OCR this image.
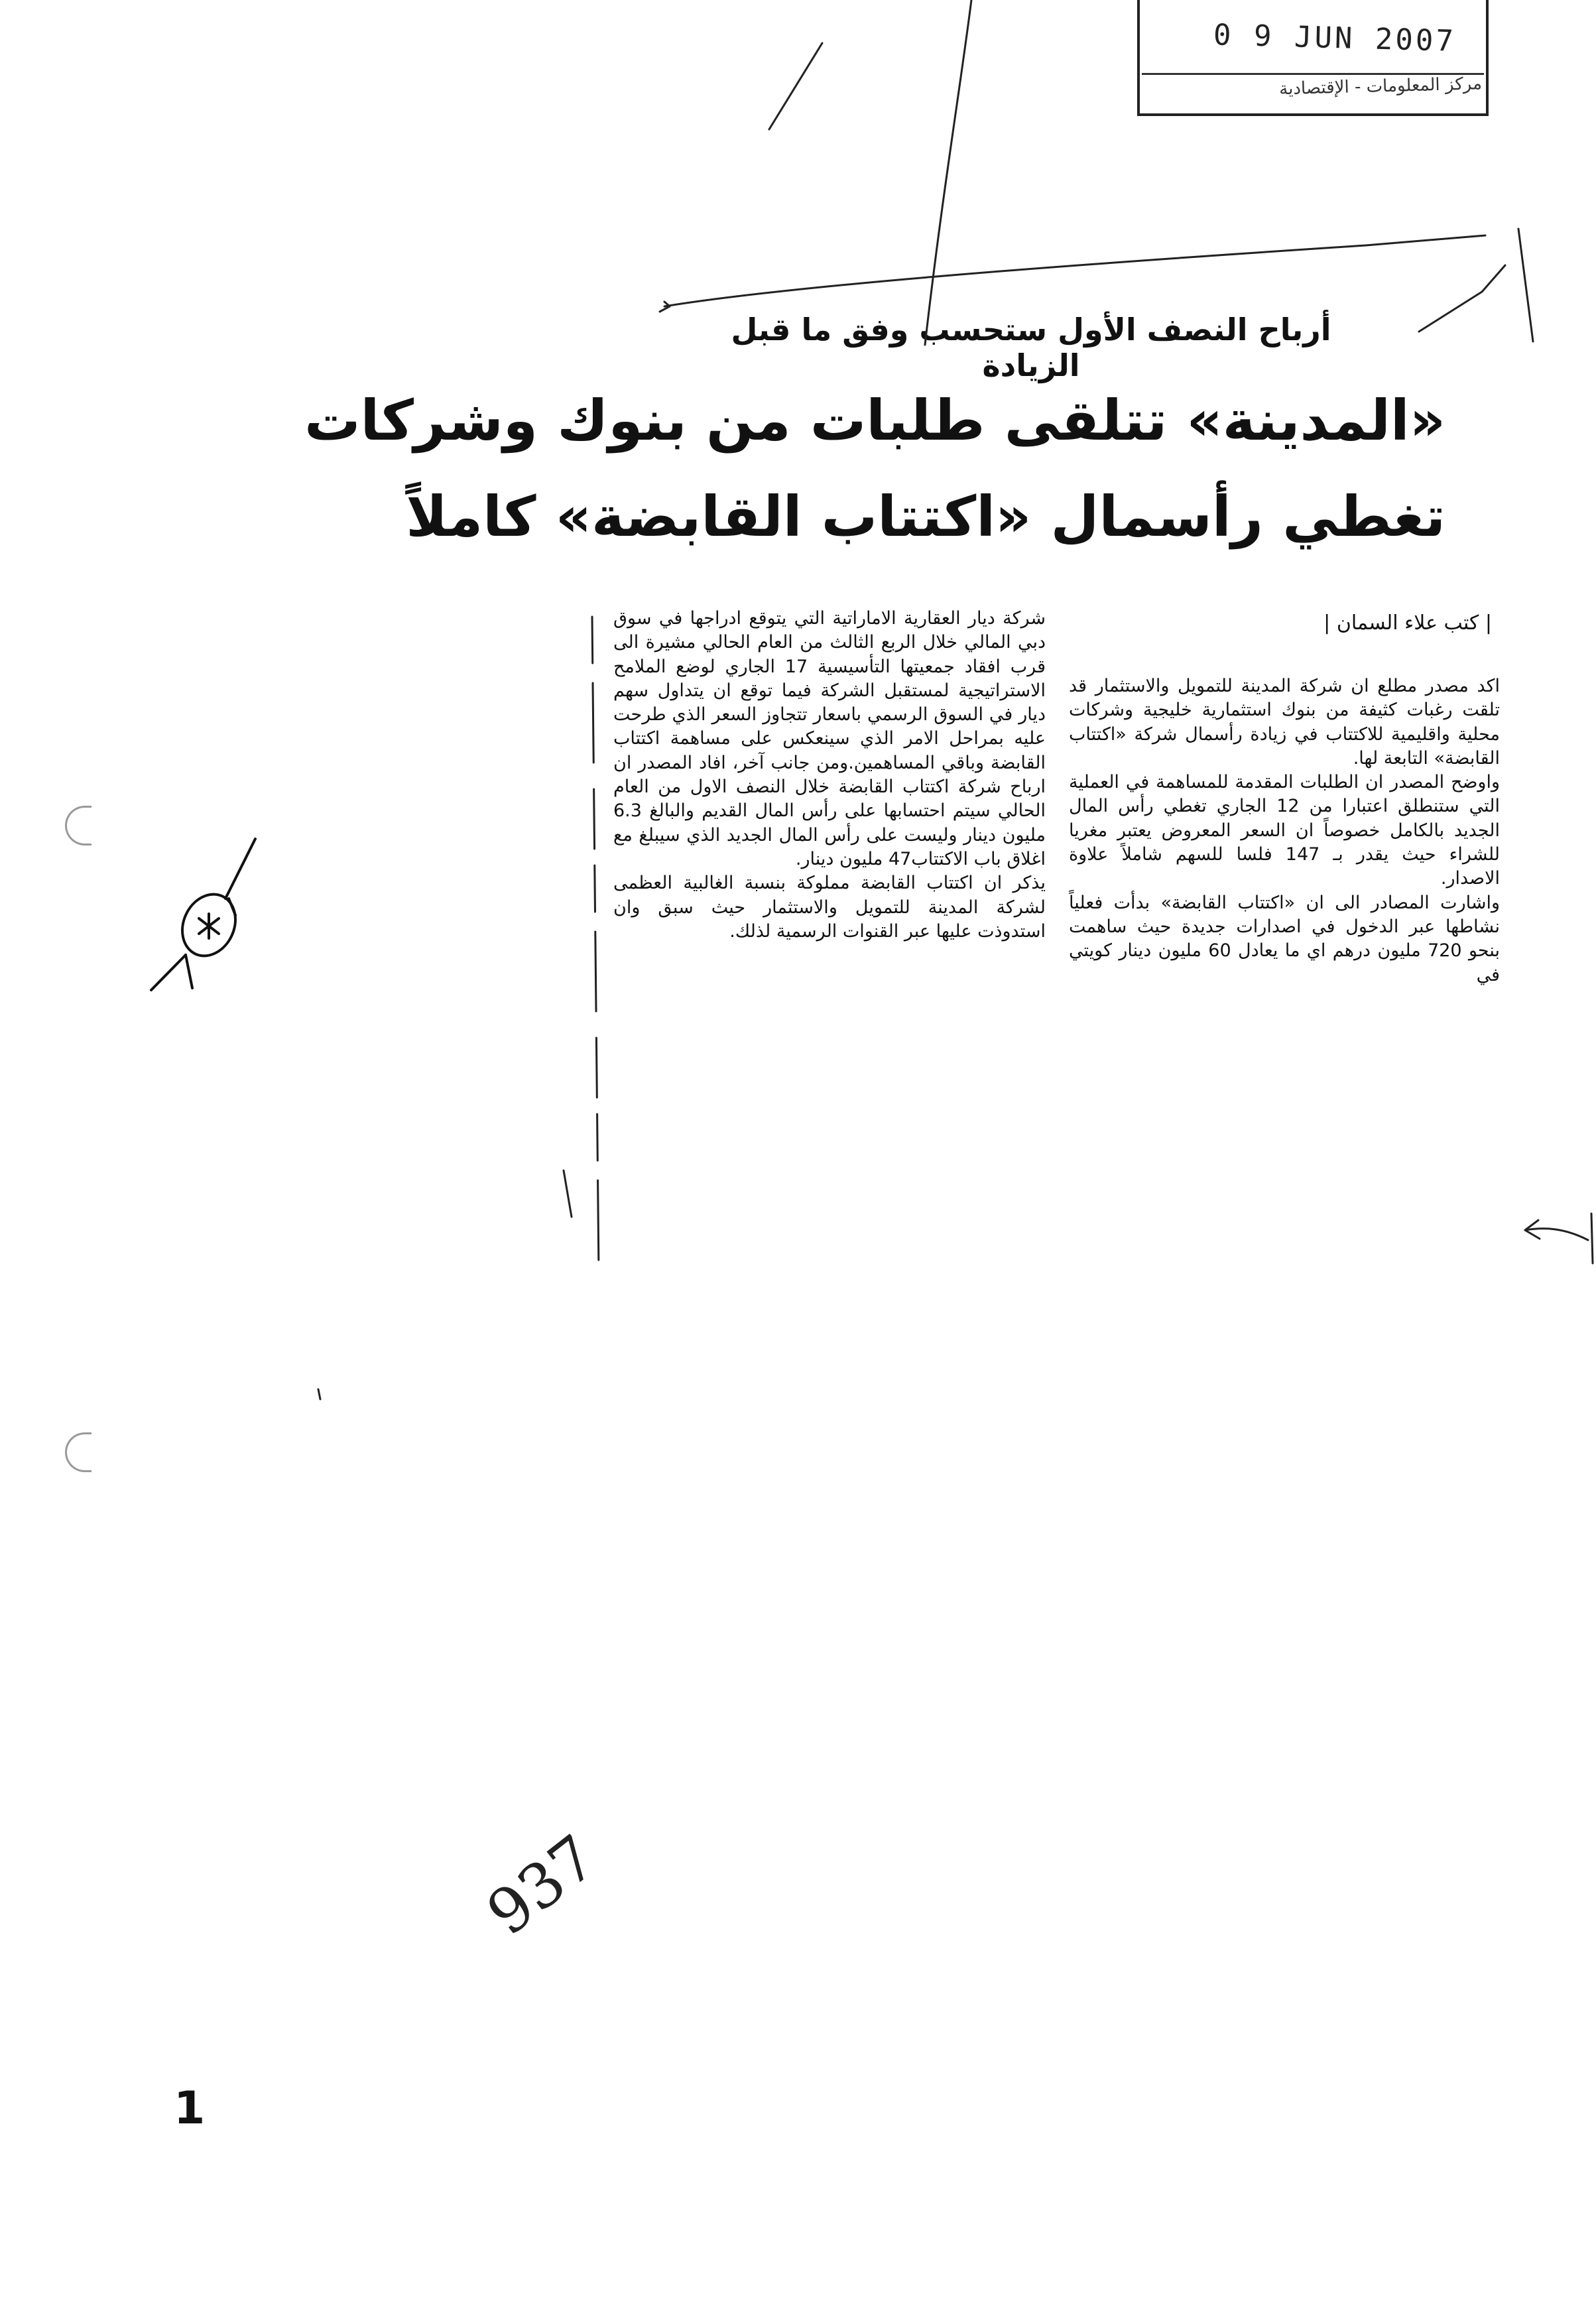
0 9 JUN 2007
مركز المعلومات - الإقتصادية
أرباح النصف الأول ستحسب وفق ما قبل الزيادة
«المدينة» تتلقى طلبات من بنوك وشركات
تغطي رأسمال «اكتتاب القابضة» كاملاً
| كتب علاء السمان |

اكد مصدر مطلع ان شركة المدينة للتمويل والاستثمار قد تلقت رغبات كثيفة من بنوك استثمارية خليجية وشركات محلية واقليمية للاكتتاب في زيادة رأسمال شركة «اكتتاب القابضة» التابعة لها.

واوضح المصدر ان الطلبات المقدمة للمساهمة في العملية التي ستنطلق اعتبارا من 12 الجاري تغطي رأس المال الجديد بالكامل خصوصاً ان السعر المعروض يعتبر مغريا للشراء حيث يقدر بـ 147 فلسا للسهم شاملاً علاوة الاصدار.

واشارت المصادر الى ان «اكتتاب القابضة» بدأت فعلياً نشاطها عبر الدخول في اصدارات جديدة حيث ساهمت بنحو 720 مليون درهم اي ما يعادل 60 مليون دينار كويتي في

شركة ديار العقارية الاماراتية التي يتوقع ادراجها في سوق دبي المالي خلال الربع الثالث من العام الحالي مشيرة الى قرب افقاد جمعيتها التأسيسية 17 الجاري لوضع الملامح الاستراتيجية لمستقبل الشركة فيما توقع ان يتداول سهم ديار في السوق الرسمي باسعار تتجاوز السعر الذي طرحت عليه بمراحل الامر الذي سينعكس على مساهمة اكتتاب القابضة وباقي المساهمين.ومن جانب آخر، افاد المصدر ان ارباح شركة اكتتاب القابضة خلال النصف الاول من العام الحالي سيتم احتسابها على رأس المال القديم والبالغ 6.3 مليون دينار وليست على رأس المال الجديد الذي سيبلغ مع اغلاق باب الاكتتاب47 مليون دينار.

يذكر ان اكتتاب القابضة مملوكة بنسبة الغالبية العظمى لشركة المدينة للتمويل والاستثمار حيث سبق وان استدوذت عليها عبر القنوات الرسمية لذلك.

1
937
